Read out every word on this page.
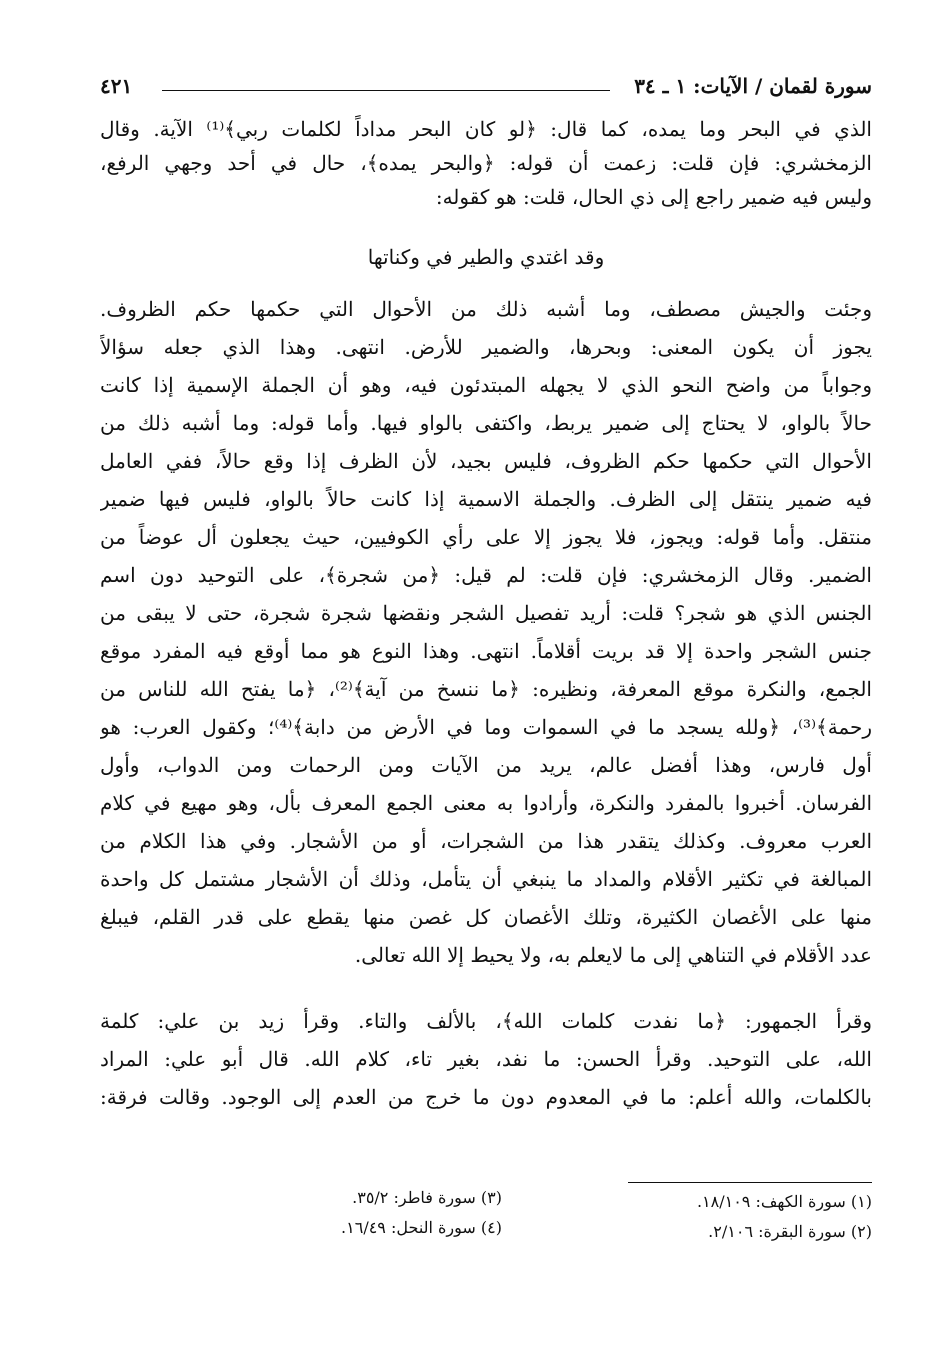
سورة لقمان / الآيات: ١ ـ ٣٤
٤٢١
الذي في البحر وما يمده، كما قال: ﴿لو كان البحر مداداً لكلمات ربي﴾⁽¹⁾ الآية. وقال
الزمخشري: فإن قلت: زعمت أن قوله: ﴿والبحر يمده﴾، حال في أحد وجهي الرفع،
وليس فيه ضمير راجع إلى ذي الحال، قلت: هو كقوله:
وقد اغتدي والطير في وكناتها
وجئت والجيش مصطف، وما أشبه ذلك من الأحوال التي حكمها حكم الظروف.
يجوز أن يكون المعنى: وبحرها، والضمير للأرض. انتهى. وهذا الذي جعله سؤالاً
وجواباً من واضح النحو الذي لا يجهله المبتدئون فيه، وهو أن الجملة الإسمية إذا كانت
حالاً بالواو، لا يحتاج إلى ضمير يربط، واكتفى بالواو فيها. وأما قوله: وما أشبه ذلك من
الأحوال التي حكمها حكم الظروف، فليس بجيد، لأن الظرف إذا وقع حالاً، ففي العامل
فيه ضمير ينتقل إلى الظرف. والجملة الاسمية إذا كانت حالاً بالواو، فليس فيها ضمير
منتقل. وأما قوله: ويجوز، فلا يجوز إلا على رأي الكوفيين، حيث يجعلون أل عوضاً من
الضمير. وقال الزمخشري: فإن قلت: لم قيل: ﴿من شجرة﴾، على التوحيد دون اسم
الجنس الذي هو شجر؟ قلت: أريد تفصيل الشجر ونقضها شجرة شجرة، حتى لا يبقى من
جنس الشجر واحدة إلا قد بريت أقلاماً. انتهى. وهذا النوع هو مما أوقع فيه المفرد موقع
الجمع، والنكرة موقع المعرفة، ونظيره: ﴿ما ننسخ من آية﴾⁽²⁾، ﴿ما يفتح الله للناس من
رحمة﴾⁽³⁾، ﴿ولله يسجد ما في السموات وما في الأرض من دابة﴾⁽⁴⁾؛ وكقول العرب: هو
أول فارس، وهذا أفضل عالم، يريد من الآيات ومن الرحمات ومن الدواب، وأول
الفرسان. أخبروا بالمفرد والنكرة، وأرادوا به معنى الجمع المعرف بأل، وهو مهيع في كلام
العرب معروف. وكذلك يتقدر هذا من الشجرات، أو من الأشجار. وفي هذا الكلام من
المبالغة في تكثير الأقلام والمداد ما ينبغي أن يتأمل، وذلك أن الأشجار مشتمل كل واحدة
منها على الأغصان الكثيرة، وتلك الأغصان كل غصن منها يقطع على قدر القلم، فيبلغ
عدد الأقلام في التناهي إلى ما لايعلم به، ولا يحيط إلا الله تعالى.
وقرأ الجمهور: ﴿ما نفدت كلمات الله﴾، بالألف والتاء. وقرأ زيد بن علي: كلمة
الله، على التوحيد. وقرأ الحسن: ما نفد، بغير تاء، كلام الله. قال أبو علي: المراد
بالكلمات، والله أعلم: ما في المعدوم دون ما خرج من العدم إلى الوجود. وقالت فرقة:
(١) سورة الكهف: ١٨/١٠٩.
(٢) سورة البقرة: ٢/١٠٦.
(٣) سورة فاطر: ٣٥/٢.
(٤) سورة النحل: ١٦/٤٩.
